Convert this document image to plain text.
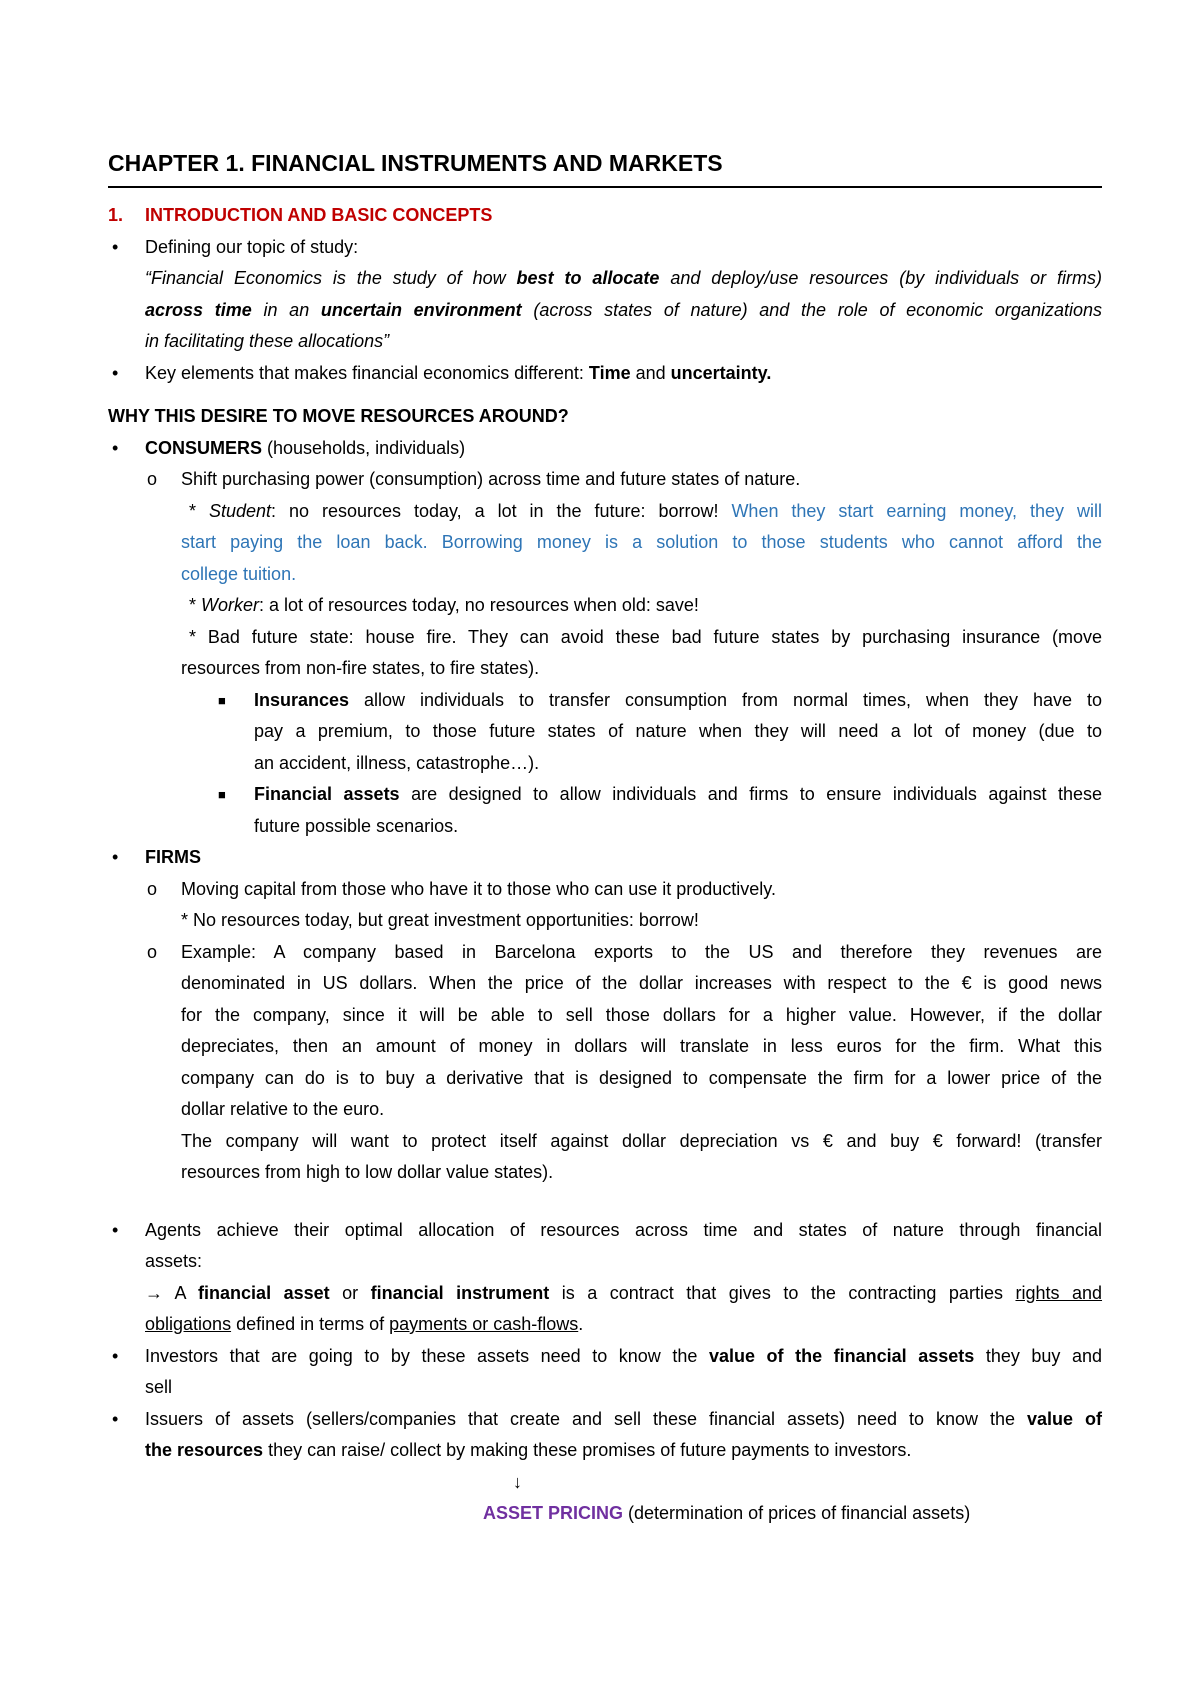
CHAPTER 1. FINANCIAL INSTRUMENTS AND MARKETS
1. INTRODUCTION AND BASIC CONCEPTS
• Defining our topic of study:
“Financial Economics is the study of how best to allocate and deploy/use resources (by individuals or firms)
across time in an uncertain environment (across states of nature) and the role of economic organizations
in facilitating these allocations”
• Key elements that makes financial economics different: Time and uncertainty.
WHY THIS DESIRE TO MOVE RESOURCES AROUND?
• CONSUMERS (households, individuals)
o Shift purchasing power (consumption) across time and future states of nature.
* Student: no resources today, a lot in the future: borrow! When they start earning money, they will
start paying the loan back. Borrowing money is a solution to those students who cannot afford the
college tuition.
* Worker: a lot of resources today, no resources when old: save!
* Bad future state: house fire. They can avoid these bad future states by purchasing insurance (move
resources from non-fire states, to fire states).
■ Insurances allow individuals to transfer consumption from normal times, when they have to
pay a premium, to those future states of nature when they will need a lot of money (due to
an accident, illness, catastrophe…).
■ Financial assets are designed to allow individuals and firms to ensure individuals against these
future possible scenarios.
• FIRMS
o Moving capital from those who have it to those who can use it productively.
* No resources today, but great investment opportunities: borrow!
o Example: A company based in Barcelona exports to the US and therefore they revenues are
denominated in US dollars. When the price of the dollar increases with respect to the € is good news
for the company, since it will be able to sell those dollars for a higher value. However, if the dollar
depreciates, then an amount of money in dollars will translate in less euros for the firm. What this
company can do is to buy a derivative that is designed to compensate the firm for a lower price of the
dollar relative to the euro.
The company will want to protect itself against dollar depreciation vs € and buy € forward! (transfer
resources from high to low dollar value states).
• Agents achieve their optimal allocation of resources across time and states of nature through financial
assets:
→ A financial asset or financial instrument is a contract that gives to the contracting parties rights and
obligations defined in terms of payments or cash-flows.
• Investors that are going to by these assets need to know the value of the financial assets they buy and
sell
• Issuers of assets (sellers/companies that create and sell these financial assets) need to know the value of
the resources they can raise/ collect by making these promises of future payments to investors.
↓
ASSET PRICING (determination of prices of financial assets)
